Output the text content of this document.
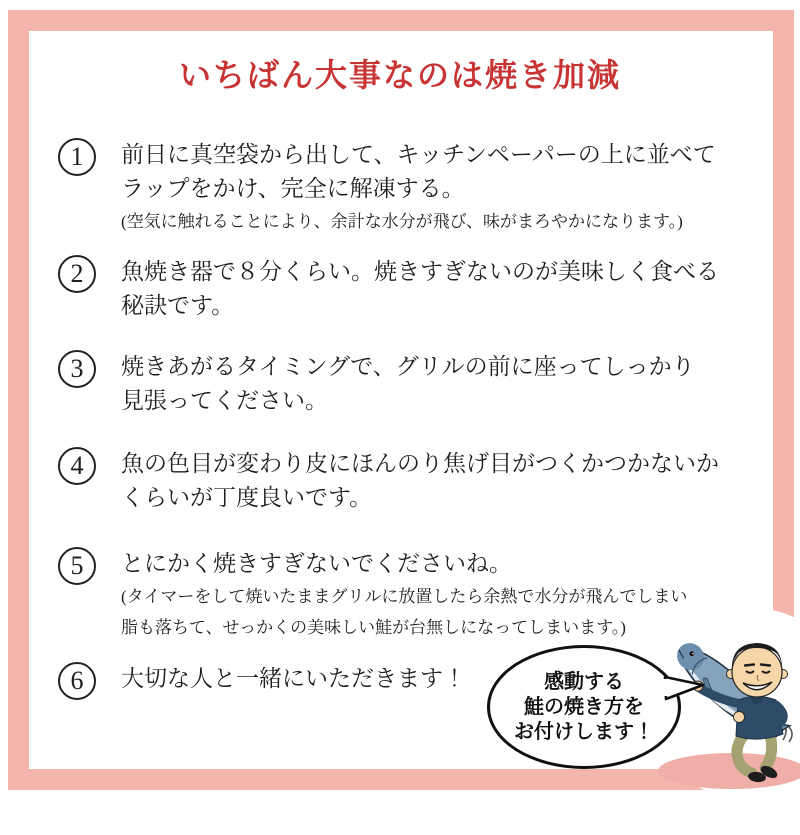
いちばん大事なのは焼き加減
1	前日に真空袋から出して、キッチンペーパーの上に並べて
ラップをかけ、完全に解凍する。
(空気に触れることにより、余計な水分が飛び、味がまろやかになります。)
2	魚焼き器で８分くらい。焼きすぎないのが美味しく食べる
秘訣です。
3	焼きあがるタイミングで、グリルの前に座ってしっかり
見張ってください。
4	魚の色目が変わり皮にほんのり焦げ目がつくかつかないか
くらいが丁度良いです。
5	とにかく焼きすぎないでくださいね。
(タイマーをして焼いたままグリルに放置したら余熱で水分が飛んでしまい
脂も落ちて、せっかくの美味しい鮭が台無しになってしまいます。)
6	大切な人と一緒にいただきます！	感動する
鮭の焼き方を
お付けします！
